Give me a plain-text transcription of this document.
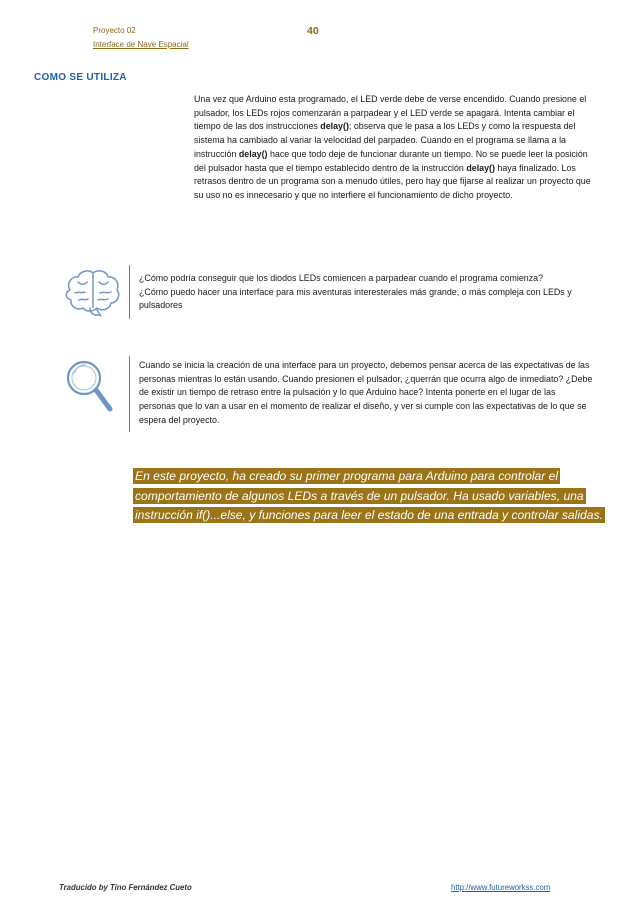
Proyecto 02
Interface de Nave Espacial
40
COMO SE UTILIZA
Una vez que Arduino esta programado, el LED verde debe de verse encendido. Cuando presione el pulsador, los LEDs rojos comenzarán a parpadear y el LED verde se apagará. Intenta cambiar el tiempo de las dos instrucciones delay(); observa que le pasa a los LEDs y como la respuesta del sistema ha cambiado al variar la velocidad del parpadeo. Cuando en el programa se llama a la instrucción delay() hace que todo deje de funcionar durante un tiempo. No se puede leer la posición del pulsador hasta que el tiempo establecido dentro de la instrucción delay() haya finalizado. Los retrasos dentro de un programa son a menudo útiles, pero hay que fijarse al realizar un proyecto que su uso no es innecesario y que no interfiere el funcionamiento de dicho proyecto.
¿Cómo podría conseguir que los diodos LEDs comiencen a parpadear cuando el programa comienza?
¿Cómo puedo hacer una interface para mis aventuras interesterales más grande, o más compleja con LEDs y pulsadores
Cuando se inicia la creación de una interface para un proyecto, debemos pensar acerca de las expectativas de las personas mientras lo están usando. Cuando presionen el pulsador, ¿querrán que ocurra algo de inmediato? ¿Debe de existir un tiempo de retraso entre la pulsación y lo que Arduino hace? Intenta ponerte en el lugar de las personas que lo van a usar en el momento de realizar el diseño, y ver si cumple con las expectativas de lo que se espera del proyecto.
En este proyecto, ha creado su primer programa para Arduino para controlar el comportamiento de algunos LEDs a través de un pulsador. Ha usado variables, una instrucción if()...else, y funciones para leer el estado de una entrada y controlar salidas.
Traducido by Tino Fernández Cueto	http://www.futureworkss.com
